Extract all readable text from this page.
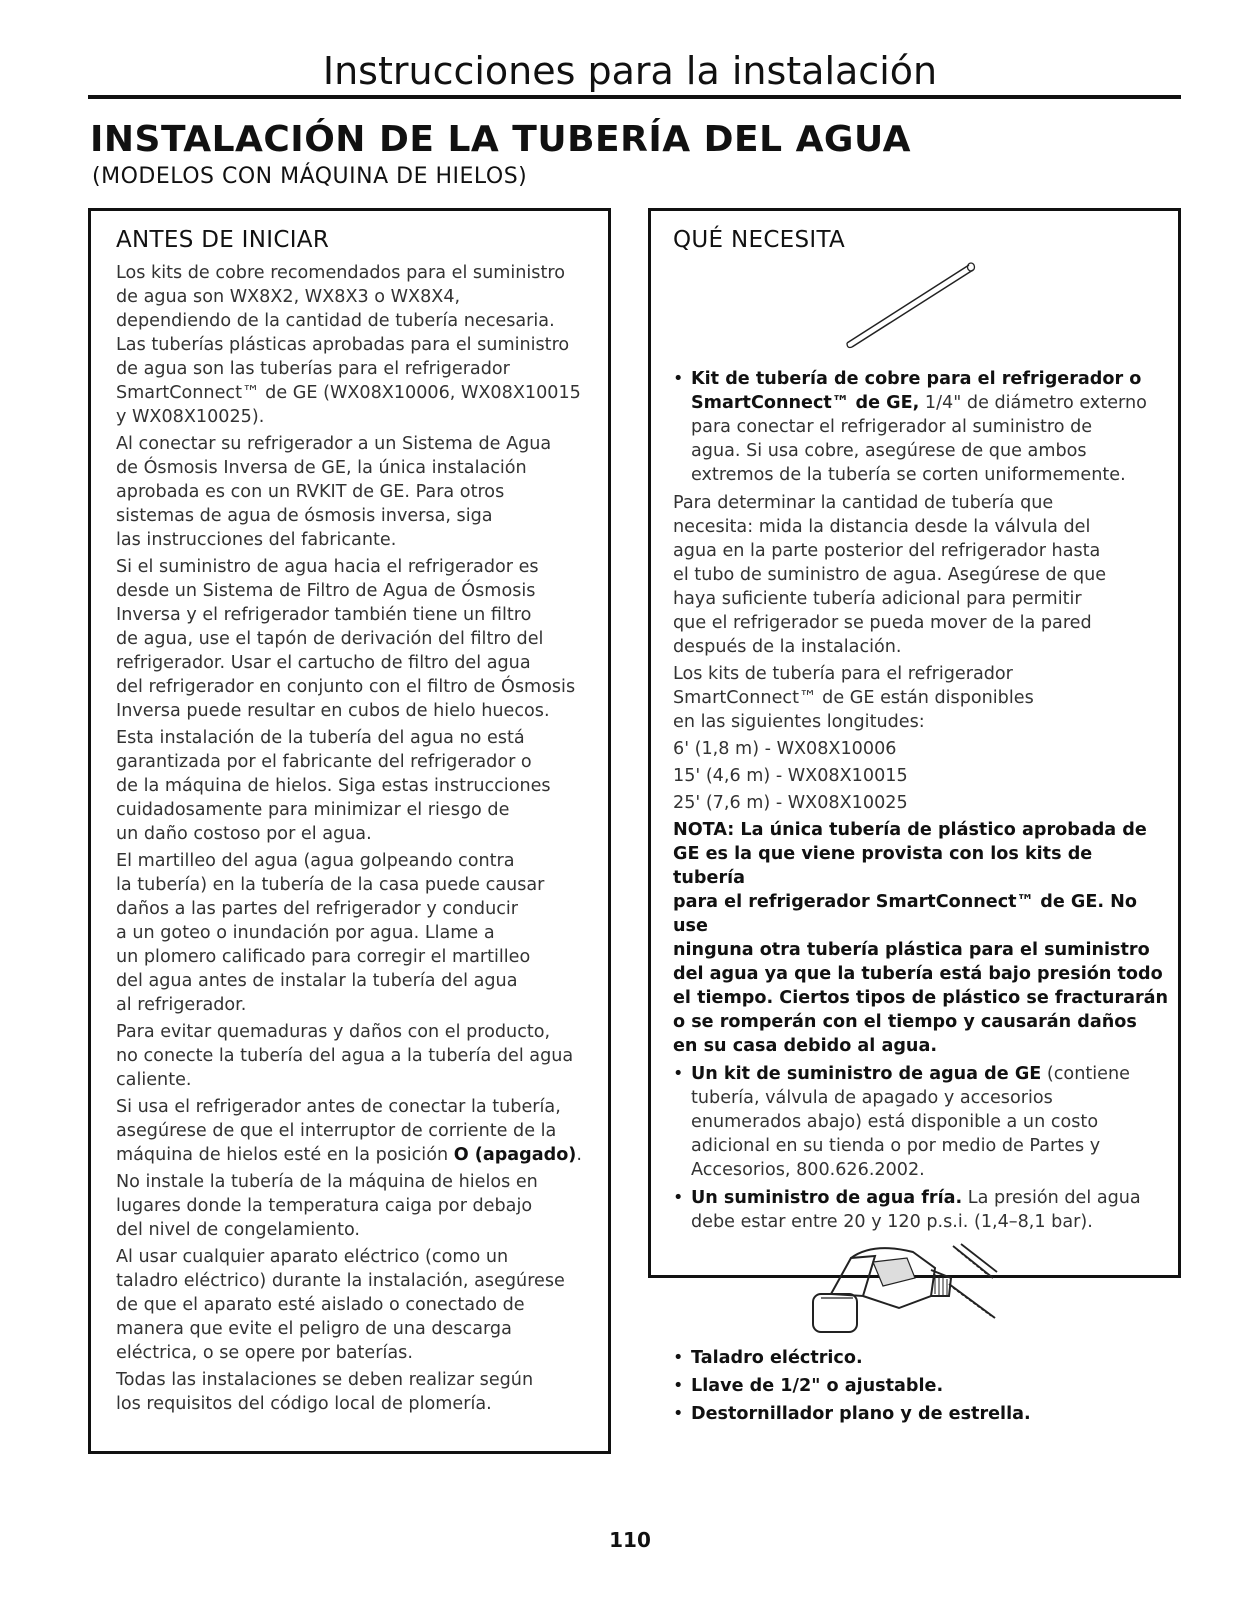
Instrucciones para la instalación
INSTALACIÓN DE LA TUBERÍA DEL AGUA
(MODELOS CON MÁQUINA DE HIELOS)
ANTES DE INICIAR

Los kits de cobre recomendados para el suministro
de agua son WX8X2, WX8X3 o WX8X4,
dependiendo de la cantidad de tubería necesaria.
Las tuberías plásticas aprobadas para el suministro
de agua son las tuberías para el refrigerador
SmartConnect™ de GE (WX08X10006, WX08X10015
y WX08X10025).

Al conectar su refrigerador a un Sistema de Agua
de Ósmosis Inversa de GE, la única instalación
aprobada es con un RVKIT de GE. Para otros
sistemas de agua de ósmosis inversa, siga
las instrucciones del fabricante.

Si el suministro de agua hacia el refrigerador es
desde un Sistema de Filtro de Agua de Ósmosis
Inversa y el refrigerador también tiene un filtro
de agua, use el tapón de derivación del filtro del
refrigerador. Usar el cartucho de filtro del agua
del refrigerador en conjunto con el filtro de Ósmosis
Inversa puede resultar en cubos de hielo huecos.

Esta instalación de la tubería del agua no está
garantizada por el fabricante del refrigerador o
de la máquina de hielos. Siga estas instrucciones
cuidadosamente para minimizar el riesgo de
un daño costoso por el agua.

El martilleo del agua (agua golpeando contra
la tubería) en la tubería de la casa puede causar
daños a las partes del refrigerador y conducir
a un goteo o inundación por agua. Llame a
un plomero calificado para corregir el martilleo
del agua antes de instalar la tubería del agua
al refrigerador.

Para evitar quemaduras y daños con el producto,
no conecte la tubería del agua a la tubería del agua
caliente.

Si usa el refrigerador antes de conectar la tubería,
asegúrese de que el interruptor de corriente de la
máquina de hielos esté en la posición O (apagado).

No instale la tubería de la máquina de hielos en
lugares donde la temperatura caiga por debajo
del nivel de congelamiento.

Al usar cualquier aparato eléctrico (como un
taladro eléctrico) durante la instalación, asegúrese
de que el aparato esté aislado o conectado de
manera que evite el peligro de una descarga
eléctrica, o se opere por baterías.

Todas las instalaciones se deben realizar según
los requisitos del código local de plomería.

QUÉ NECESITA
• Kit de tubería de cobre para el refrigerador o
SmartConnect™ de GE, 1/4" de diámetro externo
para conectar el refrigerador al suministro de
agua. Si usa cobre, asegúrese de que ambos
extremos de la tubería se corten uniformemente.

Para determinar la cantidad de tubería que
necesita: mida la distancia desde la válvula del
agua en la parte posterior del refrigerador hasta
el tubo de suministro de agua. Asegúrese de que
haya suficiente tubería adicional para permitir
que el refrigerador se pueda mover de la pared
después de la instalación.

Los kits de tubería para el refrigerador
SmartConnect™ de GE están disponibles
en las siguientes longitudes:

6' (1,8 m) - WX08X10006

15' (4,6 m) - WX08X10015

25' (7,6 m) - WX08X10025

NOTA: La única tubería de plástico aprobada de
GE es la que viene provista con los kits de tubería
para el refrigerador SmartConnect™ de GE. No use
ninguna otra tubería plástica para el suministro
del agua ya que la tubería está bajo presión todo
el tiempo. Ciertos tipos de plástico se fracturarán
o se romperán con el tiempo y causarán daños
en su casa debido al agua.

• Un kit de suministro de agua de GE (contiene
tubería, válvula de apagado y accesorios
enumerados abajo) está disponible a un costo
adicional en su tienda o por medio de Partes y
Accesorios, 800.626.2002.
• Un suministro de agua fría. La presión del agua
debe estar entre 20 y 120 p.s.i. (1,4–8,1 bar).
• Taladro eléctrico.
• Llave de 1/2" o ajustable.
• Destornillador plano y de estrella.
110
